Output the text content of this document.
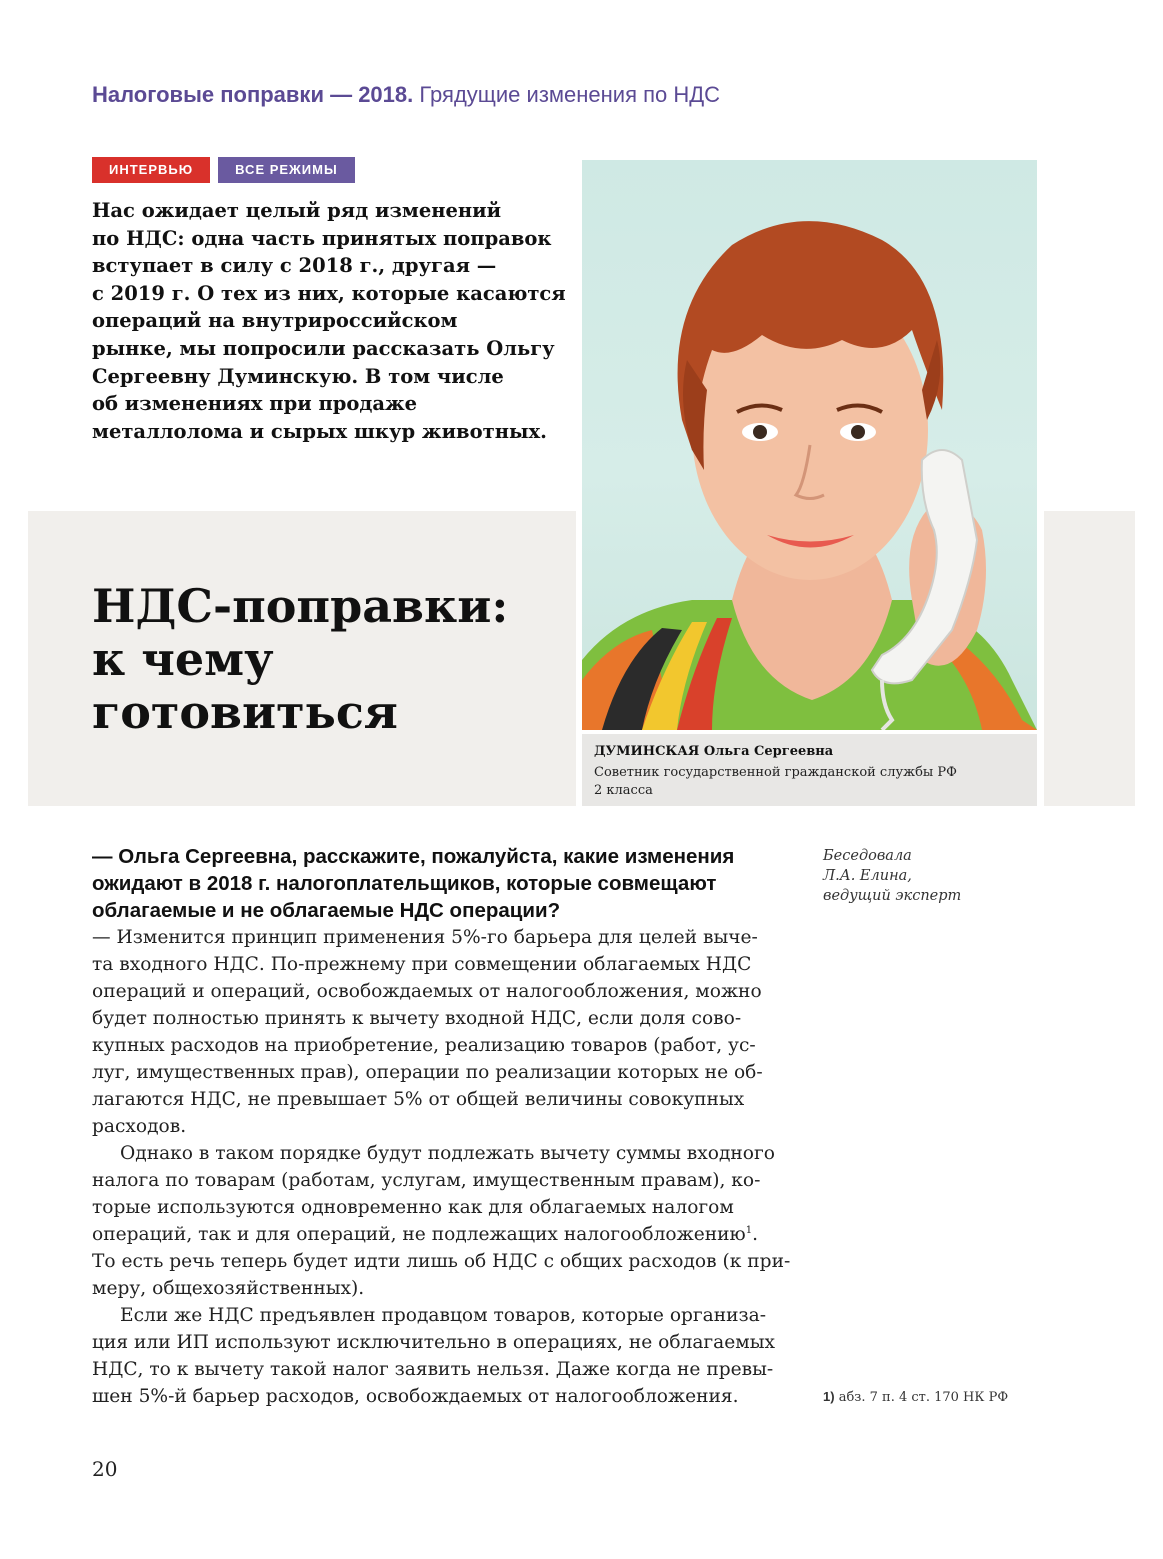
Налоговые поправки — 2018. Грядущие изменения по НДС
ИНТЕРВЬЮ	ВСЕ РЕЖИМЫ
Нас ожидает целый ряд изменений
по НДС: одна часть принятых поправок
вступает в силу с 2018 г., другая —
с 2019 г. О тех из них, которые касаются
операций на внутрироссийском
рынке, мы попросили рассказать Ольгу
Сергеевну Думинскую. В том числе
об изменениях при продаже
металлолома и сырых шкур животных.
НДС-поправки:
к чему
готовиться
ДУМИНСКАЯ Ольга Сергеевна
Советник государственной гражданской службы РФ
2 класса
— Ольга Сергеевна, расскажите, пожалуйста, какие изменения
ожидают в 2018 г. налогоплательщиков, которые совмещают
облагаемые и не облагаемые НДС операции?
— Изменится принцип применения 5%-го барьера для целей выче-
та входного НДС. По-прежнему при совмещении облагаемых НДС
операций и операций, освобождаемых от налогообложения, можно
будет полностью принять к вычету входной НДС, если доля сово-
купных расходов на приобретение, реализацию товаров (работ, ус-
луг, имущественных прав), операции по реализации которых не об-
лагаются НДС, не превышает 5% от общей величины совокупных
расходов.
Однако в таком порядке будут подлежать вычету суммы входного
налога по товарам (работам, услугам, имущественным правам), ко-
торые используются одновременно как для облагаемых налогом
операций, так и для операций, не подлежащих налогообложению$^1$.
То есть речь теперь будет идти лишь об НДС с общих расходов (к при-
меру, общехозяйственных).
Если же НДС предъявлен продавцом товаров, которые организа-
ция или ИП используют исключительно в операциях, не облагаемых
НДС, то к вычету такой налог заявить нельзя. Даже когда не превы-
шен 5%-й барьер расходов, освобождаемых от налогообложения.
Беседовала
Л.А. Елина,
ведущий эксперт
1) абз. 7 п. 4 ст. 170 НК РФ
20
